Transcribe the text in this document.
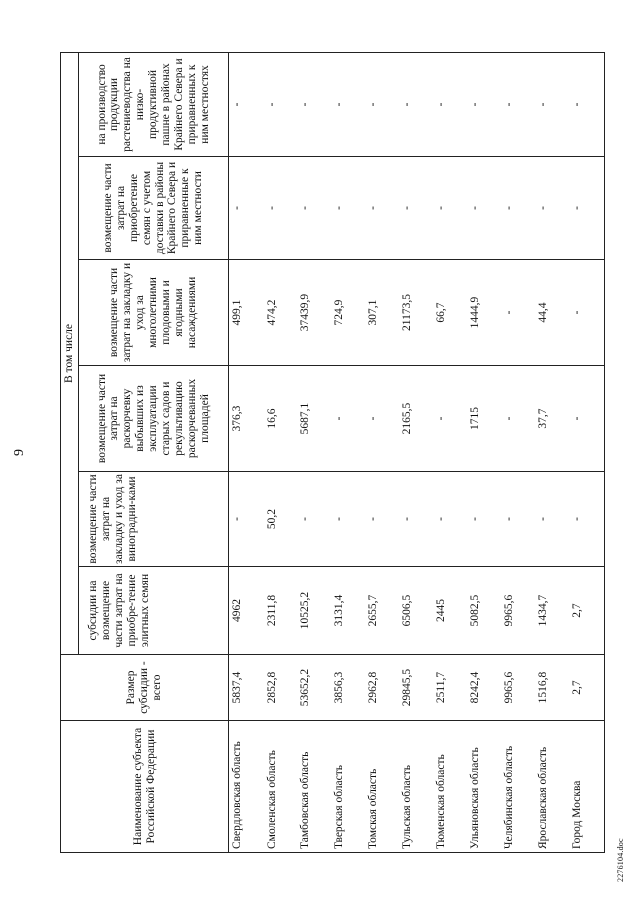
9
Наименование субъекта Российской Федерации	Размер субсидии - всего	В том числе					
		субсидии на возмещение части затрат на приобре-тение элитных семян	возмещение части затрат на закладку и уход за виноградни-ками	возмещение части затрат на раскорчевку выбывших из эксплуатации старых садов и рекультивацию раскорчеванных площадей	возмещение части затрат на закладку и уход за многолетними плодовыми и ягодными насаждениями	возмещение части затрат на приобретение семян с учетом доставки в районы Крайнего Севера и приравненные к ним местности	на производство продукции растениеводства на низко-продуктивной пашне в районах Крайнего Севера и приравненных к ним местностях
Свердловская область	5837,4	4962	-	376,3	499,1	-	-
Смоленская область	2852,8	2311,8	50,2	16,6	474,2	-	-
Тамбовская область	53652,2	10525,2	-	5687,1	37439,9	-	-
Тверская область	3856,3	3131,4	-	-	724,9	-	-
Томская область	2962,8	2655,7	-	-	307,1	-	-
Тульская область	29845,5	6506,5	-	2165,5	21173,5	-	-
Тюменская область	2511,7	2445	-	-	66,7	-	-
Ульяновская область	8242,4	5082,5	-	1715	1444,9	-	-
Челябинская область	9965,6	9965,6	-	-	-	-	-
Ярославская область	1516,8	1434,7	-	37,7	44,4	-	-
Город Москва	2,7	2,7	-	-	-	-	-
2276104.doc
